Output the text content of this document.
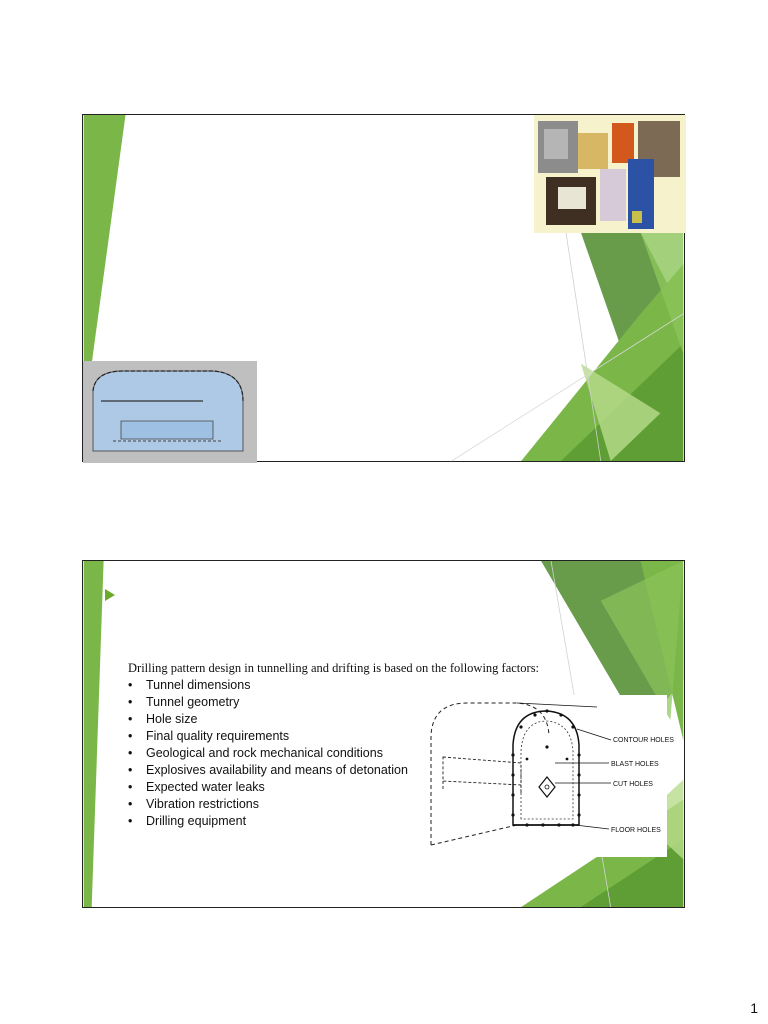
Drilling pattern design in tunnelling and drifting is based on the following factors:
• Tunnel dimensions
• Tunnel geometry
• Hole size
• Final quality requirements
• Geological and rock mechanical conditions
• Explosives availability and means of detonation
• Expected water leaks
• Vibration restrictions
• Drilling equipment
CONTOUR HOLES
BLAST HOLES
CUT HOLES
FLOOR HOLES
1
